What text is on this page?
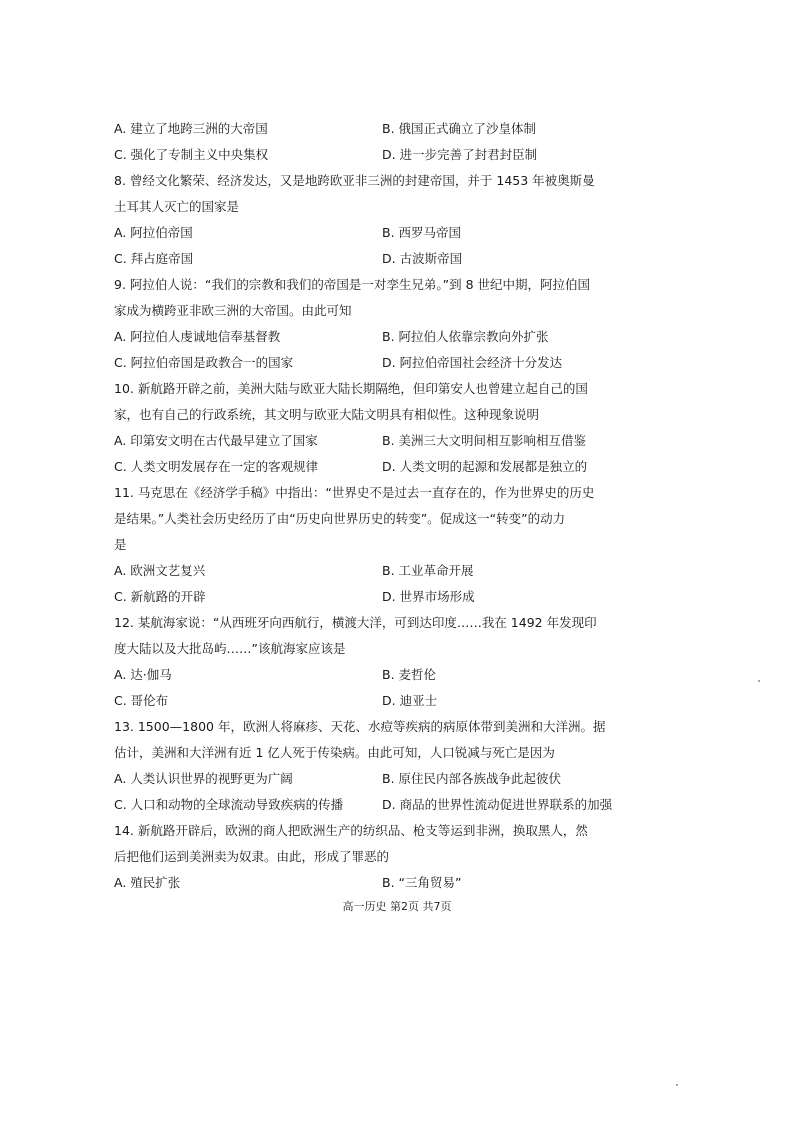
A. 建立了地跨三洲的大帝国	B. 俄国正式确立了沙皇体制
C. 强化了专制主义中央集权	D. 进一步完善了封君封臣制
8. 曾经文化繁荣、经济发达，又是地跨欧亚非三洲的封建帝国，并于 1453 年被奥斯曼
土耳其人灭亡的国家是
A. 阿拉伯帝国	B. 西罗马帝国
C. 拜占庭帝国	D. 古波斯帝国
9. 阿拉伯人说：“我们的宗教和我们的帝国是一对孪生兄弟。”到 8 世纪中期，阿拉伯国
家成为横跨亚非欧三洲的大帝国。由此可知
A. 阿拉伯人虔诚地信奉基督教	B. 阿拉伯人依靠宗教向外扩张
C. 阿拉伯帝国是政教合一的国家	D. 阿拉伯帝国社会经济十分发达
10. 新航路开辟之前，美洲大陆与欧亚大陆长期隔绝，但印第安人也曾建立起自己的国
家，也有自己的行政系统，其文明与欧亚大陆文明具有相似性。这种现象说明
A. 印第安文明在古代最早建立了国家	B. 美洲三大文明间相互影响相互借鉴
C. 人类文明发展存在一定的客观规律	D. 人类文明的起源和发展都是独立的
11. 马克思在《经济学手稿》中指出：“世界史不是过去一直存在的，作为世界史的历史
是结果。”人类社会历史经历了由“历史向世界历史的转变”。促成这一“转变”的动力
是
A. 欧洲文艺复兴	B. 工业革命开展
C. 新航路的开辟	D. 世界市场形成
12. 某航海家说：“从西班牙向西航行，横渡大洋，可到达印度……我在 1492 年发现印
度大陆以及大批岛屿……”该航海家应该是
A. 达·伽马	B. 麦哲伦
C. 哥伦布	D. 迪亚士
13. 1500—1800 年，欧洲人将麻疹、天花、水痘等疾病的病原体带到美洲和大洋洲。据
估计，美洲和大洋洲有近 1 亿人死于传染病。由此可知，人口锐减与死亡是因为
A. 人类认识世界的视野更为广阔	B. 原住民内部各族战争此起彼伏
C. 人口和动物的全球流动导致疾病的传播	D. 商品的世界性流动促进世界联系的加强
14. 新航路开辟后，欧洲的商人把欧洲生产的纺织品、枪支等运到非洲，换取黑人，然
后把他们运到美洲卖为奴隶。由此，形成了罪恶的
A. 殖民扩张	B. “三角贸易”
高一历史 第2页 共7页
